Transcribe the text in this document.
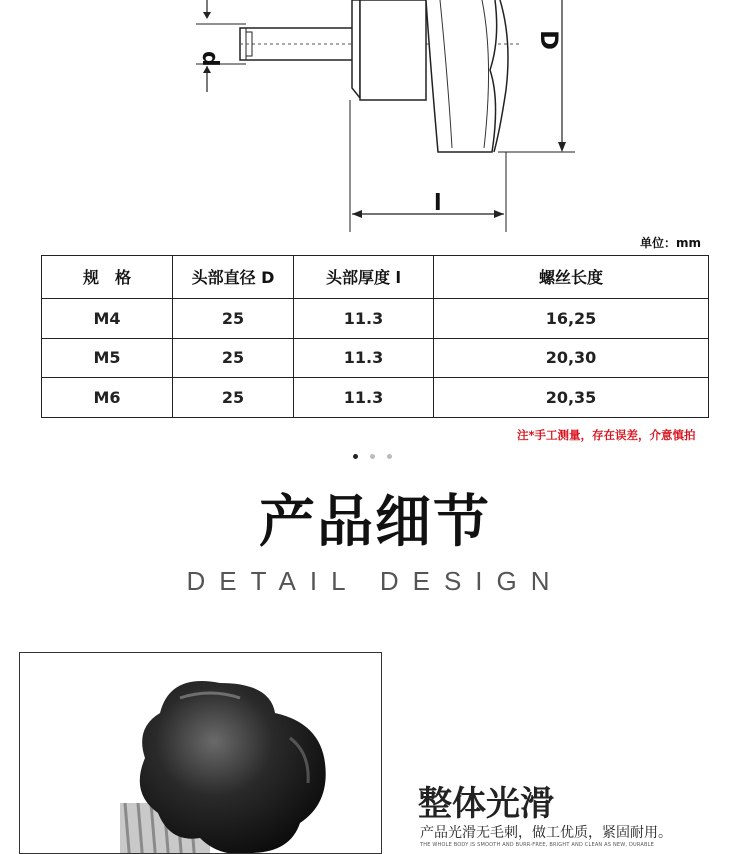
d
D
l
单位：mm
规　格	头部直径 D	头部厚度 l	螺丝长度
M4	25	11.3	16,25
M5	25	11.3	20,30
M6	25	11.3	20,35
注*手工测量，存在误差，介意慎拍
产品细节
DETAIL DESIGN
整体光滑
产品光滑无毛刺，做工优质，紧固耐用。
THE WHOLE BODY IS SMOOTH AND BURR-FREE, BRIGHT AND CLEAN AS NEW, DURABLE
